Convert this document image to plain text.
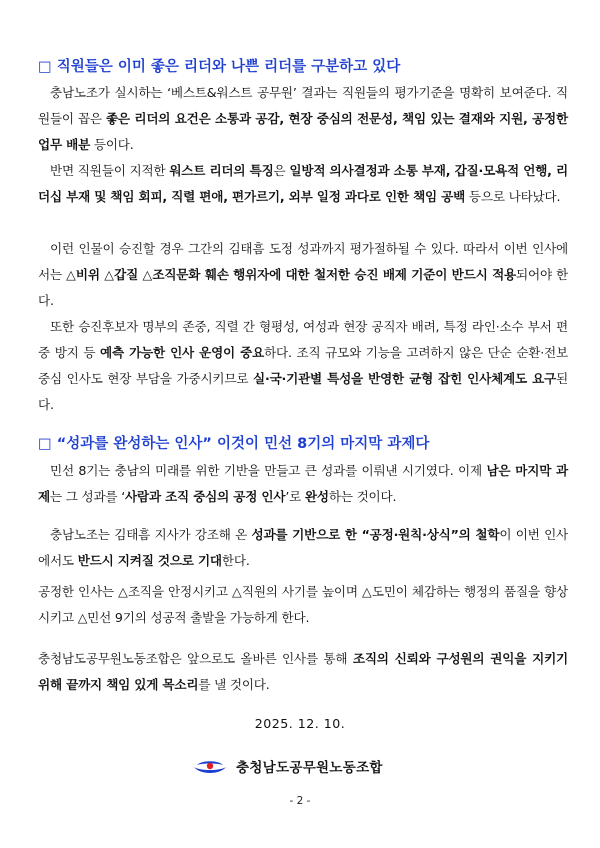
□ 직원들은 이미 좋은 리더와 나쁜 리더를 구분하고 있다
충남노조가 실시하는 ‘베스트&워스트 공무원’ 결과는 직원들의 평가기준을 명확히 보여준다. 직원들이 꼽은 좋은 리더의 요건은 소통과 공감, 현장 중심의 전문성, 책임 있는 결재와 지원, 공정한 업무 배분 등이다.
반면 직원들이 지적한 워스트 리더의 특징은 일방적 의사결정과 소통 부재, 갑질·모욕적 언행, 리더십 부재 및 책임 회피, 직렬 편애, 편가르기, 외부 일정 과다로 인한 책임 공백 등으로 나타났다.
이런 인물이 승진할 경우 그간의 김태흠 도정 성과까지 평가절하될 수 있다. 따라서 이번 인사에서는 △비위 △갑질 △조직문화 훼손 행위자에 대한 철저한 승진 배제 기준이 반드시 적용되어야 한다.
또한 승진후보자 명부의 존중, 직렬 간 형평성, 여성과 현장 공직자 배려, 특정 라인·소수 부서 편중 방지 등 예측 가능한 인사 운영이 중요하다. 조직 규모와 기능을 고려하지 않은 단순 순환·전보 중심 인사도 현장 부담을 가중시키므로 실·국·기관별 특성을 반영한 균형 잡힌 인사체계도 요구된다.
□ “성과를 완성하는 인사” 이것이 민선 8기의 마지막 과제다
민선 8기는 충남의 미래를 위한 기반을 만들고 큰 성과를 이뤄낸 시기였다. 이제 남은 마지막 과제는 그 성과를 ‘사람과 조직 중심의 공정 인사’로 완성하는 것이다.
충남노조는 김태흠 지사가 강조해 온 성과를 기반으로 한 “공정·원칙·상식”의 철학이 이번 인사에서도 반드시 지켜질 것으로 기대한다.
공정한 인사는 △조직을 안정시키고 △직원의 사기를 높이며 △도민이 체감하는 행정의 품질을 향상시키고 △민선 9기의 성공적 출발을 가능하게 한다.
충청남도공무원노동조합은 앞으로도 올바른 인사를 통해 조직의 신뢰와 구성원의 권익을 지키기 위해 끝까지 책임 있게 목소리를 낼 것이다.
2025. 12. 10.
충청남도공무원노동조합
- 2 -
